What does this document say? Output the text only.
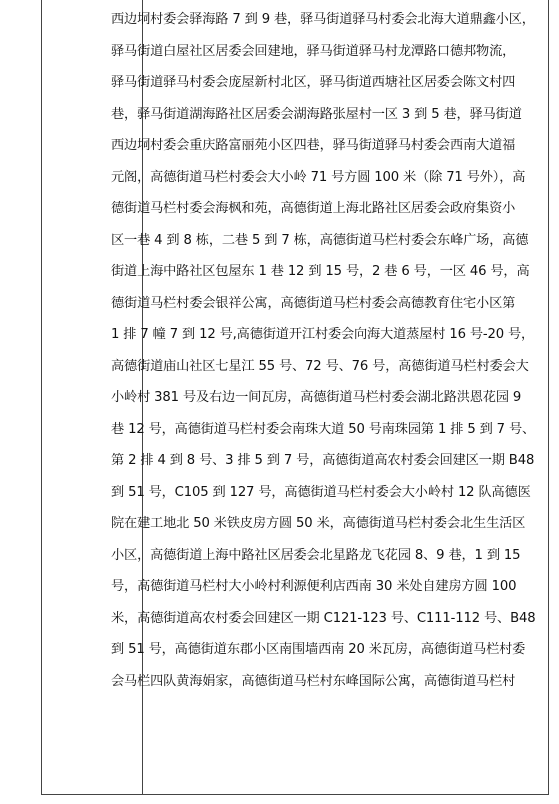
西边垌村委会驿海路 7 到 9 巷，驿马街道驿马村委会北海大道鼎鑫小区，
驿马街道白屋社区居委会回建地，驿马街道驿马村龙潭路口德邦物流，
驿马街道驿马村委会庞屋新村北区，驿马街道西塘社区居委会陈文村四
巷，驿马街道湖海路社区居委会湖海路张屋村一区 3 到 5 巷，驿马街道
西边垌村委会重庆路富丽苑小区四巷，驿马街道驿马村委会西南大道福
元阁，高德街道马栏村委会大小岭 71 号方圆 100 米（除 71 号外），高
德街道马栏村委会海枫和苑，高德街道上海北路社区居委会政府集资小
区一巷 4 到 8 栋，二巷 5 到 7 栋，高德街道马栏村委会东峰广场，高德
街道上海中路社区包屋东 1 巷 12 到 15 号，2 巷 6 号，一区 46 号，高
德街道马栏村委会银祥公寓，高德街道马栏村委会高德教育住宅小区第
1 排 7 幢 7 到 12 号,高德街道开江村委会向海大道蒸屋村 16 号-20 号，
高德街道庙山社区七星江 55 号、72 号、76 号，高德街道马栏村委会大
小岭村 381 号及右边一间瓦房，高德街道马栏村委会湖北路洪恩花园 9
巷 12 号，高德街道马栏村委会南珠大道 50 号南珠园第 1 排 5 到 7 号、
第 2 排 4 到 8 号、3 排 5 到 7 号，高德街道高农村委会回建区一期 B48
到 51 号，C105 到 127 号，高德街道马栏村委会大小岭村 12 队高德医
院在建工地北 50 米铁皮房方圆 50 米，高德街道马栏村委会北生生活区
小区，高德街道上海中路社区居委会北星路龙飞花园 8、9 巷，1 到 15
号，高德街道马栏村大小岭村利源便利店西南 30 米处自建房方圆 100
米，高德街道高农村委会回建区一期 C121-123 号、C111-112 号、B48
到 51 号，高德街道东郡小区南围墙西南 20 米瓦房，高德街道马栏村委
会马栏四队黄海娟家，高德街道马栏村东峰国际公寓，高德街道马栏村
